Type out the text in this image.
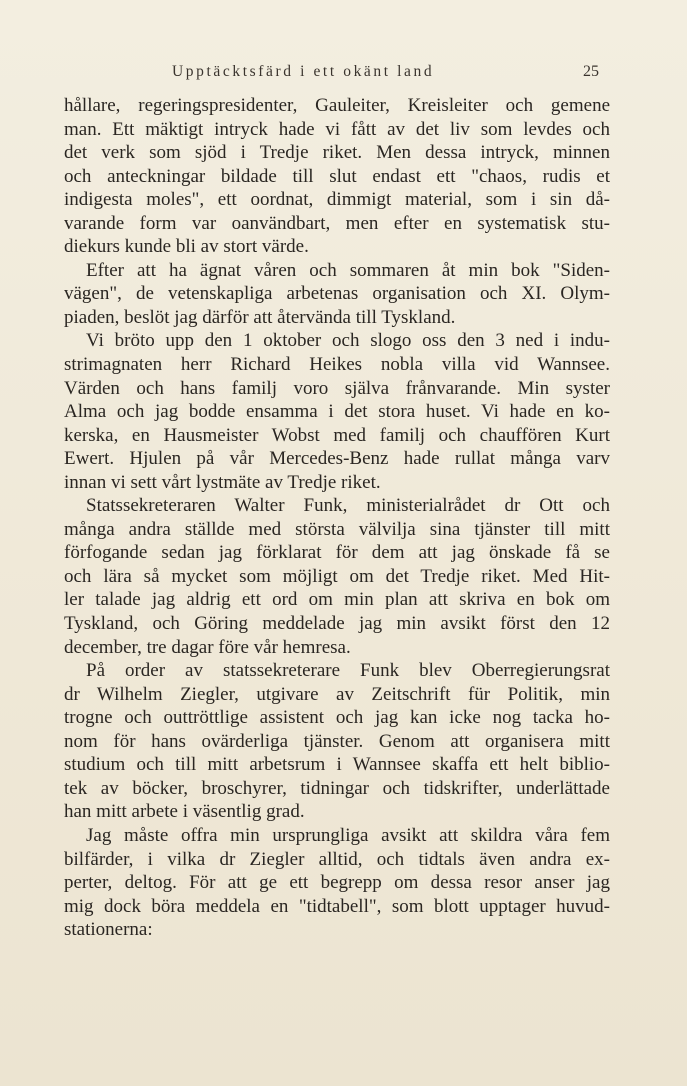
Upptäcktsfärd i ett okänt land	25
hållare, regeringspresidenter, Gauleiter, Kreisleiter och gemene
man. Ett mäktigt intryck hade vi fått av det liv som levdes och
det verk som sjöd i Tredje riket. Men dessa intryck, minnen
och anteckningar bildade till slut endast ett "chaos, rudis et
indigesta moles", ett oordnat, dimmigt material, som i sin då-
varande form var oanvändbart, men efter en systematisk stu-
diekurs kunde bli av stort värde.
Efter att ha ägnat våren och sommaren åt min bok "Siden-
vägen", de vetenskapliga arbetenas organisation och XI. Olym-
piaden, beslöt jag därför att återvända till Tyskland.
Vi bröto upp den 1 oktober och slogo oss den 3 ned i indu-
strimagnaten herr Richard Heikes nobla villa vid Wannsee.
Värden och hans familj voro själva frånvarande. Min syster
Alma och jag bodde ensamma i det stora huset. Vi hade en ko-
kerska, en Hausmeister Wobst med familj och chauffören Kurt
Ewert. Hjulen på vår Mercedes-Benz hade rullat många varv
innan vi sett vårt lystmäte av Tredje riket.
Statssekreteraren Walter Funk, ministerialrådet dr Ott och
många andra ställde med största välvilja sina tjänster till mitt
förfogande sedan jag förklarat för dem att jag önskade få se
och lära så mycket som möjligt om det Tredje riket. Med Hit-
ler talade jag aldrig ett ord om min plan att skriva en bok om
Tyskland, och Göring meddelade jag min avsikt först den 12
december, tre dagar före vår hemresa.
På order av statssekreterare Funk blev Oberregierungsrat
dr Wilhelm Ziegler, utgivare av Zeitschrift für Politik, min
trogne och outtröttlige assistent och jag kan icke nog tacka ho-
nom för hans ovärderliga tjänster. Genom att organisera mitt
studium och till mitt arbetsrum i Wannsee skaffa ett helt biblio-
tek av böcker, broschyrer, tidningar och tidskrifter, underlättade
han mitt arbete i väsentlig grad.
Jag måste offra min ursprungliga avsikt att skildra våra fem
bilfärder, i vilka dr Ziegler alltid, och tidtals även andra ex-
perter, deltog. För att ge ett begrepp om dessa resor anser jag
mig dock böra meddela en "tidtabell", som blott upptager huvud-
stationerna:
